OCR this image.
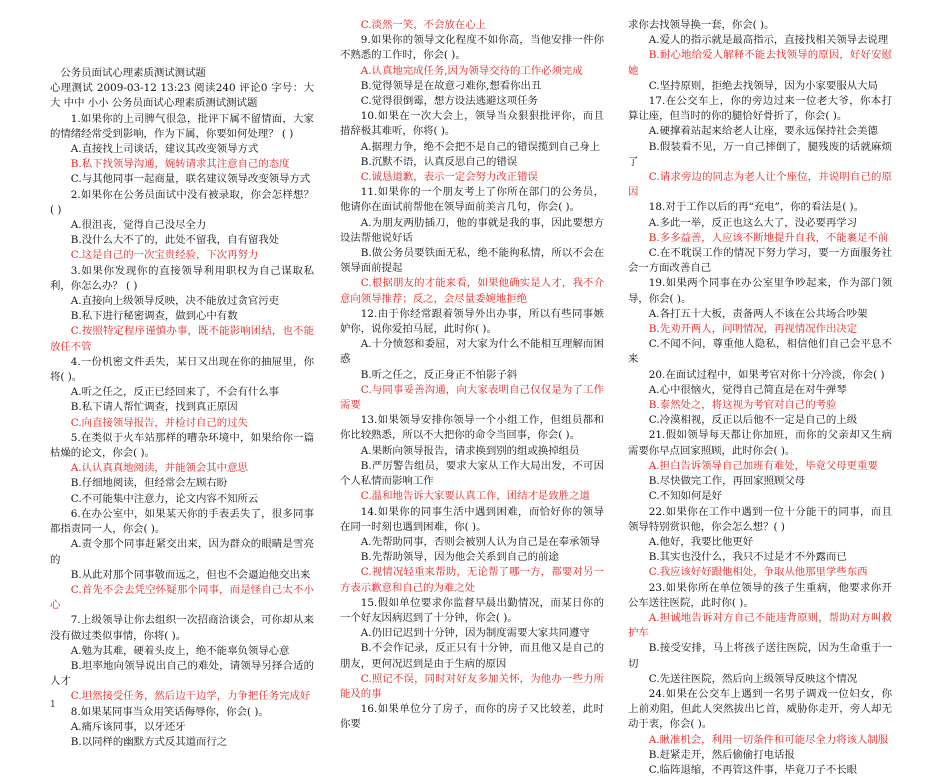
公务员面试心理素质测试测试题

心理测试 2009-03-12 13:23 阅读240 评论0 字号：大大 中中 小小 公务员面试心理素质测试测试题

1.如果你的上司脾气很急，批评下属不留情面，大家的情绪经常受到影响，作为下属，你要如何处理？ ( )

A.直接找上司谈话，建议其改变领导方式

B.私下找领导沟通，婉转请求其注意自己的态度

C.与其他同事一起商量，联名建议领导改变领导方式

2.如果你在公务员面试中没有被录取，你会怎样想？ ( )

A.很沮丧，觉得自己没尽全力

B.没什么大不了的，此处不留我，自有留我处

C.这是自己的一次宝贵经验，下次再努力

3.如果你发现你的直接领导利用职权为自己谋取私利，你怎么办？ ( )

A.直接向上级领导反映，决不能放过贪官污吏

B.私下进行秘密调查，做到心中有数

C.按照特定程序谨慎办事，既不能影响团结，也不能放任不管

4.一份机密文件丢失，某日又出现在你的抽屉里，你将( )。

A.听之任之，反正已经回来了，不会有什么事

B.私下请人帮忙调查，找到真正原因

C.向直接领导报告，并检讨自己的过失

5.在类似于火车站那样的嘈杂环境中，如果给你一篇枯燥的论文，你会( )。

A.认认真真地阅读，并能领会其中意思

B.仔细地阅读，但经常会左顾右盼

C.不可能集中注意力，论文内容不知所云

6.在办公室中，如果某天你的手表丢失了，很多同事都指责同一人，你会( )。

A.责令那个同事赶紧交出来，因为群众的眼睛是雪亮的

B.从此对那个同事敬而远之，但也不会逼迫他交出来

C.首先不会去凭空怀疑那个同事，而是怪自己太不小心

7.上级领导让你去组织一次招商洽谈会，可你却从来没有做过类似事情，你将( )。

A.勉为其难，硬着头皮上，绝不能辜负领导心意

B.坦率地向领导说出自己的难处，请领导另择合适的人才

C.坦然接受任务，然后边干边学，力争把任务完成好

8.如果某同事当众用笑话侮辱你，你会( )。

A.痛斥该同事，以牙还牙

B.以同样的幽默方式反其道而行之

C.淡然一笑，不会放在心上

9.如果你的领导文化程度不如你高，当他安排一件你不熟悉的工作时，你会( )。

A.认真地完成任务,因为领导交待的工作必须完成

B.觉得领导是在故意刁难你,想看你出丑

C.觉得很倒霉，想方设法逃避这项任务

10.如果在一次大会上，领导当众狠狠批评你，而且措辞极其难听，你将( )。

A.据理力争，绝不会把不是自己的错误揽到自己身上

B.沉默不语，认真反思自己的错误

C.诚恳道歉，表示一定会努力改正错误

11.如果你的一个朋友考上了你所在部门的公务员，他请你在面试前帮他在领导面前美言几句，你会( )。

A.为朋友两肋插刀，他的事就是我的事，因此要想方设法帮他说好话

B.做公务员要铁面无私，绝不能徇私情，所以不会在领导面前提起

C.根据朋友的才能来看，如果他确实是人才，我不介意向领导推荐；反之，会尽量委婉地拒绝

12.由于你经常跟着领导外出办事，所以有些同事嫉妒你，说你爱拍马屁，此时你( )。

A.十分愤怒和委屈，对大家为什么不能相互理解而困惑

B.听之任之，反正身正不怕影子斜

C.与同事妥善沟通，向大家表明自己仅仅是为了工作需要

13.如果领导安排你领导一个小组工作，但组员都和你比较熟悉，所以不大把你的命令当回事，你会( )。

A.果断向领导报告，请求换到别的组或换掉组员

B.严厉警告组员，要求大家从工作大局出发，不可因个人私情而影响工作

C.温和地告诉大家要认真工作，团结才是致胜之道

14.如果你的同事生活中遇到困难，而恰好你的领导在同一时刻也遇到困难，你( )。

A.先帮助同事，否则会被别人认为自己是在奉承领导

B.先帮助领导，因为他会关系到自己的前途

C.视情况轻重来帮助，无论帮了哪一方，都要对另一方表示歉意和自己的为难之处

15.假如单位要求你监督早晨出勤情况，而某日你的一个好友因病迟到了十分钟，你会( )。

A.仍旧记迟到十分钟，因为制度需要大家共同遵守

B.不会作记录，反正只有十分钟，而且他又是自己的朋友，更何况迟到是由于生病的原因

C.照记不误，同时对好友多加关怀，为他办一些力所能及的事

16.如果单位分了房子，而你的房子又比较差，此时你要

求你去找领导换一套，你会( )。

A.爱人的指示就是最高指示，直接找相关领导去说理

B.耐心地给爱人解释不能去找领导的原因，好好安慰她

C.坚持原则，拒绝去找领导，因为小家要服从大局

17.在公交车上，你的旁边过来一位老大爷，你本打算让座，但当时的你的腿恰好骨折了，你会( )。

A.硬撑着站起来给老人让座，要永远保持社会美德

B.假装看不见，万一自己摔倒了，腿残废的话就麻烦了

C.请求旁边的同志为老人让个座位，并说明自己的原因

18.对于工作以后的再“充电”，你的看法是( )。

A.多此一举，反正也这么大了，没必要再学习

B.多多益善，人应该不断地提升自我，不能裹足不前

C.在不耽误工作的情况下努力学习，要一方面服务社会一方面改善自己

19.如果两个同事在办公室里争吵起来，作为部门领导，你会( )。

A.各打五十大板，责备两人不该在公共场合吵架

B.先劝开两人，问明情况，再视情况作出决定

C.不闻不问，尊重他人隐私，相信他们自己会平息不来

20.在面试过程中，如果考官对你十分冷淡，你会( )

A.心中很恼火，觉得自己简直是在对牛弹琴

B.泰然处之，将这视为考官对自己的考验

C.冷漠相视，反正以后他不一定是自己的上级

21.假如领导每天都让你加班，而你的父亲却又生病需要你早点回家照顾，此时你会( )。

A.担白告诉领导自己加班有难处，毕竟父母更重要

B.尽快做完工作，再回家照顾父母

C.不知如何是好

22.如果你在工作中遇到一位十分能干的同事，而且领导特别赏识他，你会怎么想？( )

A.他好，我要比他更好

B.其实也没什么，我只不过是才不外露而已

C.我应该好好跟他相处，争取从他那里学些东西

23.如果你所在单位领导的孩子生重病，他要求你开公车送往医院，此时你( )。

A.担诚地告诉对方自己不能违背原则，帮助对方叫救护车

B.接受安排，马上将孩子送往医院，因为生命重于一切

C.先送往医院，然后向上级领导反映这个情况

24.如果在公交车上遇到一名男子调戏一位妇女，你上前劝阻，但此人突然拔出匕首，威胁你走开，旁人却无动于衷，你会( )。

A.瞅准机会，利用一切条件和可能尽全力将该人制服

B.赶紧走开，然后偷偷打电话报

C.临阵退缩，不再管这件事，毕竟刀子不长眼

1
